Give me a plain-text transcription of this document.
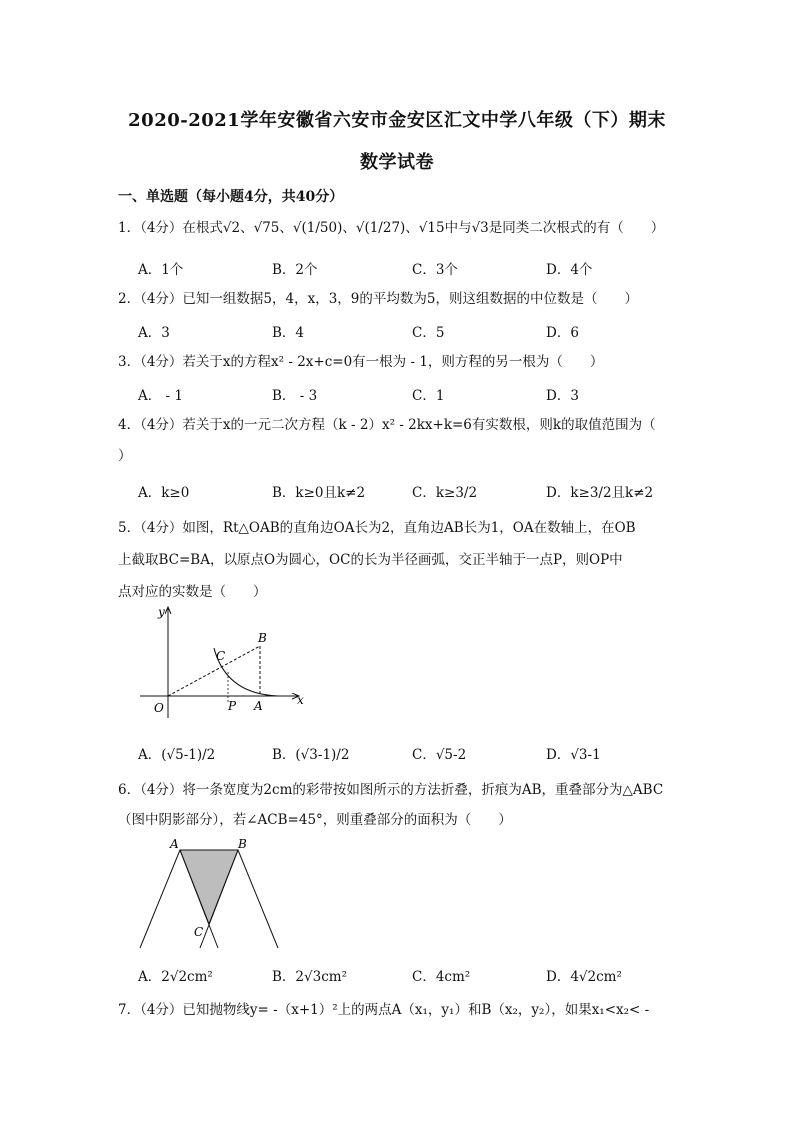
2020-2021学年安徽省六安市金安区汇文中学八年级（下）期末
数学试卷
一、单选题（每小题4分，共40分）
1．（4分）在根式√2、√75、√(1/50)、√(1/27)、√15中与√3是同类二次根式的有（　　）
A．1个	B．2个	C．3个	D．4个
2．（4分）已知一组数据5，4，x，3，9的平均数为5，则这组数据的中位数是（　　）
A．3	B．4	C．5	D．6
3．（4分）若关于x的方程x² - 2x+c=0有一根为 - 1，则方程的另一根为（　　）
A． - 1	B． - 3	C．1	D．3
4．（4分）若关于x的一元二次方程（k - 2）x² - 2kx+k=6有实数根，则k的取值范围为（
）
A．k≥0	B．k≥0且k≠2	C．k≥3/2	D．k≥3/2且k≠2
5．（4分）如图，Rt△OAB的直角边OA长为2，直角边AB长为1，OA在数轴上，在OB
上截取BC=BA，以原点O为圆心，OC的长为半径画弧，交正半轴于一点P，则OP中
点对应的实数是（　　）
y
x
O	A
B
C
P
A．(√5-1)/2	B．(√3-1)/2	C．√5-2	D．√3-1
6．（4分）将一条宽度为2cm的彩带按如图所示的方法折叠，折痕为AB，重叠部分为△ABC
（图中阴影部分），若∠ACB=45°，则重叠部分的面积为（　　）
A	B
C
A．2√2cm²	B．2√3cm²	C．4cm²	D．4√2cm²
7．（4分）已知抛物线y= -（x+1）²上的两点A（x₁，y₁）和B（x₂，y₂），如果x₁<x₂< -
